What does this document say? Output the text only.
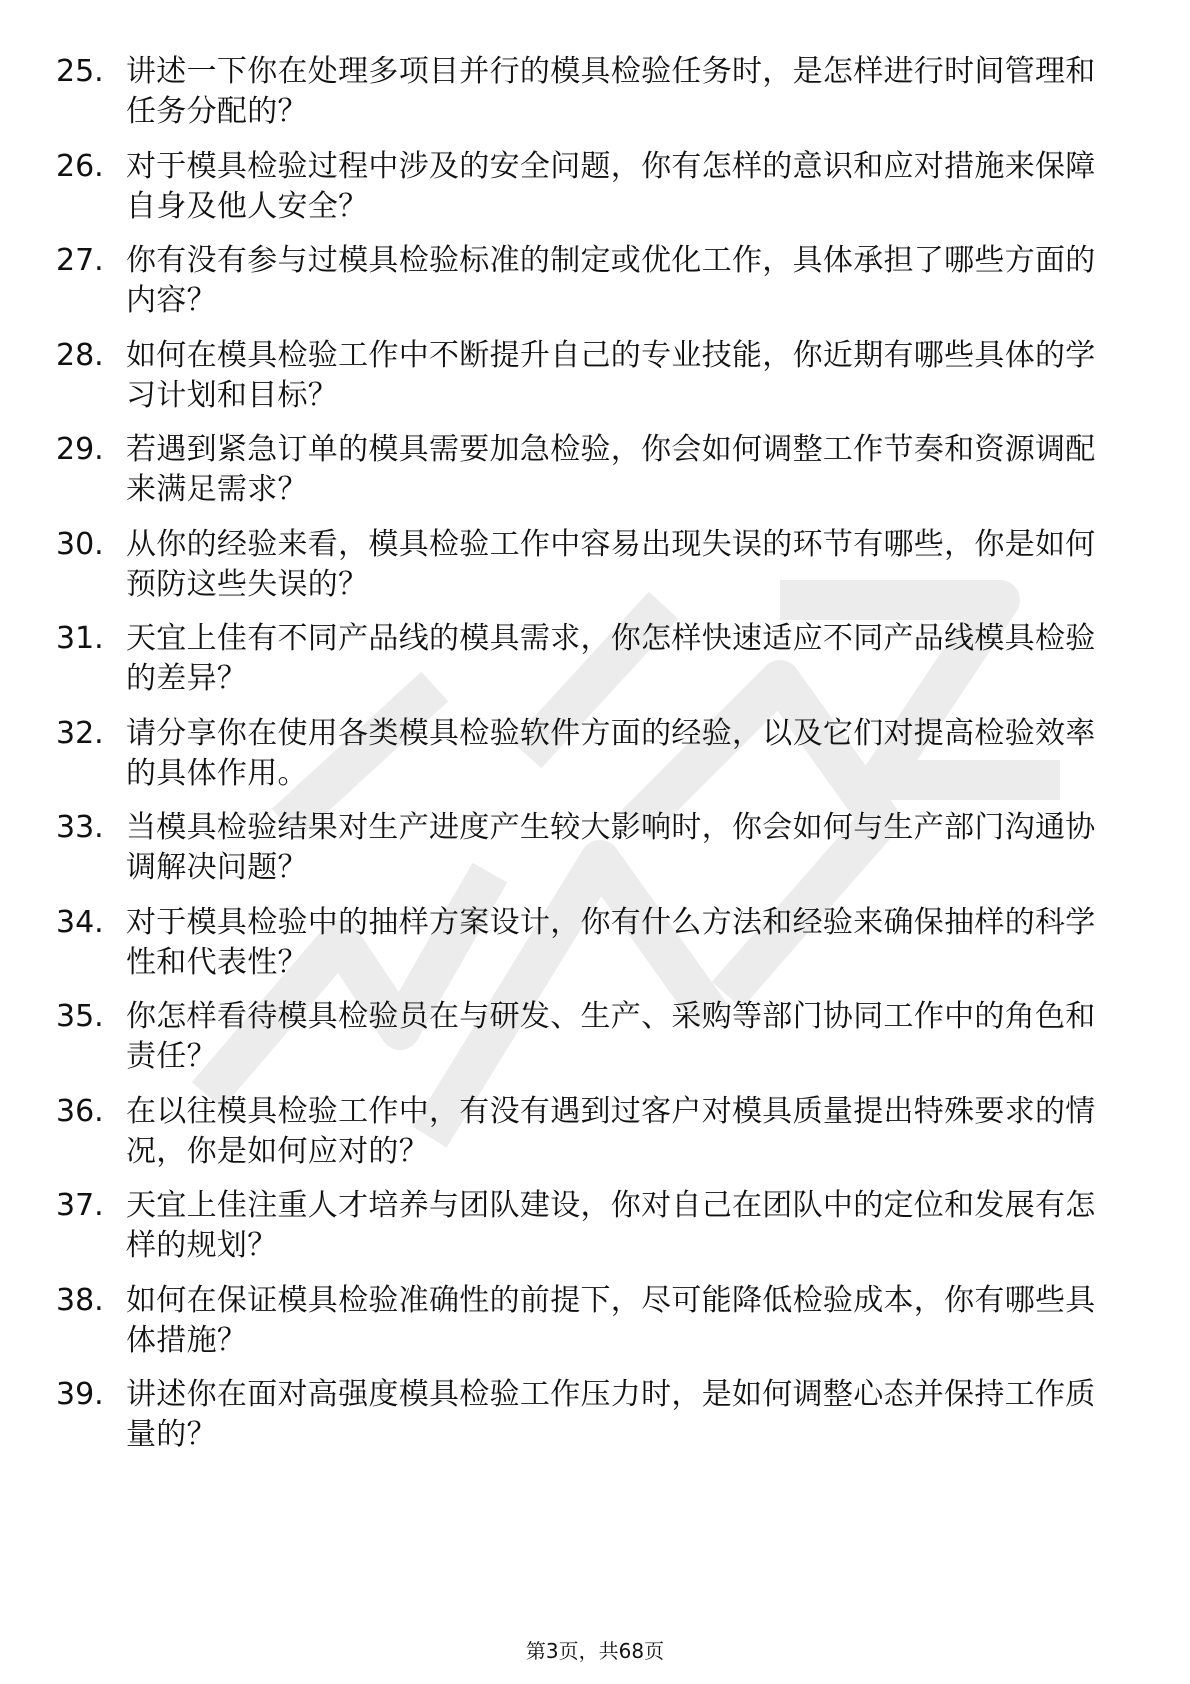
25. 讲述一下你在处理多项目并行的模具检验任务时，是怎样进行时间管理和任务分配的？
26. 对于模具检验过程中涉及的安全问题，你有怎样的意识和应对措施来保障自身及他人安全？
27. 你有没有参与过模具检验标准的制定或优化工作，具体承担了哪些方面的内容？
28. 如何在模具检验工作中不断提升自己的专业技能，你近期有哪些具体的学习计划和目标？
29. 若遇到紧急订单的模具需要加急检验，你会如何调整工作节奏和资源调配来满足需求？
30. 从你的经验来看，模具检验工作中容易出现失误的环节有哪些，你是如何预防这些失误的？
31. 天宜上佳有不同产品线的模具需求，你怎样快速适应不同产品线模具检验的差异？
32. 请分享你在使用各类模具检验软件方面的经验，以及它们对提高检验效率的具体作用。
33. 当模具检验结果对生产进度产生较大影响时，你会如何与生产部门沟通协调解决问题？
34. 对于模具检验中的抽样方案设计，你有什么方法和经验来确保抽样的科学性和代表性？
35. 你怎样看待模具检验员在与研发、生产、采购等部门协同工作中的角色和责任？
36. 在以往模具检验工作中，有没有遇到过客户对模具质量提出特殊要求的情况，你是如何应对的？
37. 天宜上佳注重人才培养与团队建设，你对自己在团队中的定位和发展有怎样的规划？
38. 如何在保证模具检验准确性的前提下，尽可能降低检验成本，你有哪些具体措施？
39. 讲述你在面对高强度模具检验工作压力时，是如何调整心态并保持工作质量的？
第3页，共68页
